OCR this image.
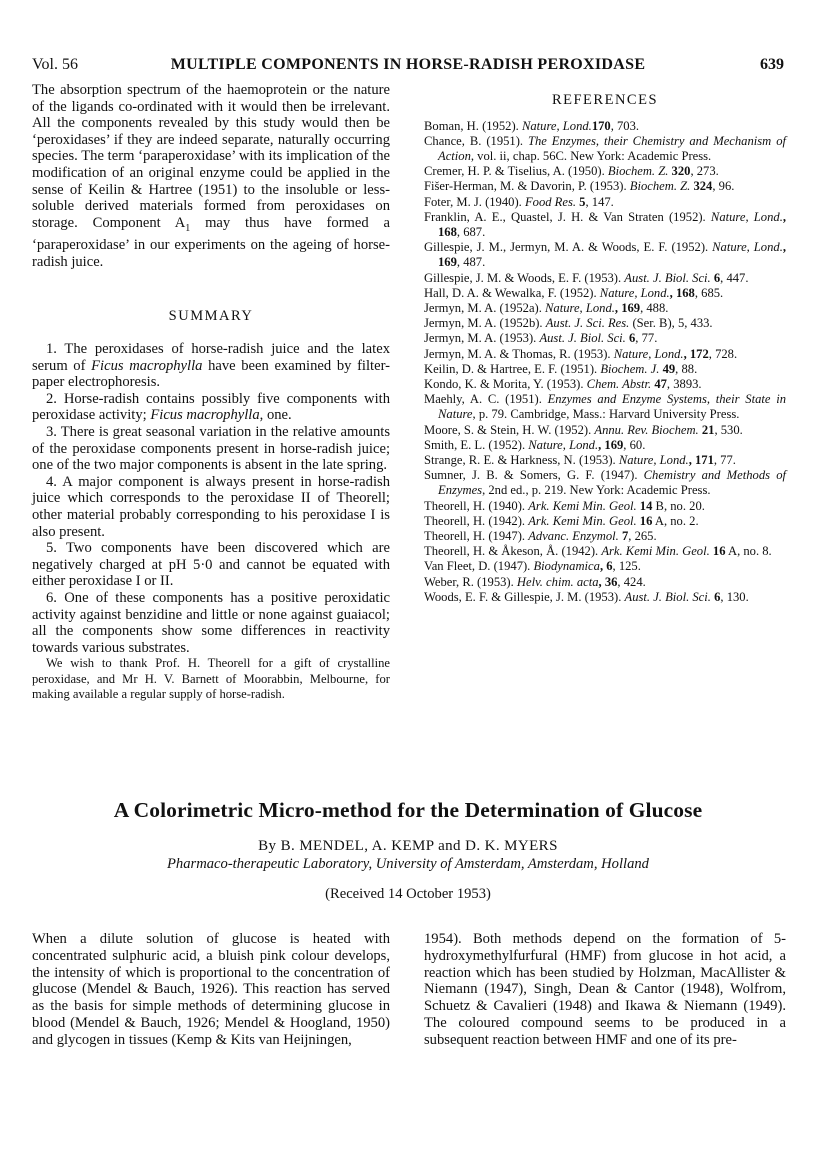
Vol. 56	MULTIPLE COMPONENTS IN HORSE-RADISH PEROXIDASE	639

The absorption spectrum of the haemoprotein or the nature of the ligands co-ordinated with it would then be irrelevant. All the components revealed by this study would then be ‘peroxidases’ if they are indeed separate, naturally occurring species. The term ‘paraperoxidase’ with its implication of the modification of an original enzyme could be applied in the sense of Keilin & Hartree (1951) to the insoluble or less-soluble derived materials formed from peroxidases on storage. Component $A_1$ may thus have formed a ‘paraperoxidase’ in our experiments on the ageing of horse-radish juice.

SUMMARY

1. The peroxidases of horse-radish juice and the latex serum of Ficus macrophylla have been examined by filter-paper electrophoresis.

2. Horse-radish contains possibly five components with peroxidase activity; Ficus macrophylla, one.

3. There is great seasonal variation in the relative amounts of the peroxidase components present in horse-radish juice; one of the two major components is absent in the late spring.

4. A major component is always present in horse-radish juice which corresponds to the peroxidase II of Theorell; other material probably corresponding to his peroxidase I is also present.

5. Two components have been discovered which are negatively charged at pH 5·0 and cannot be equated with either peroxidase I or II.

6. One of these components has a positive peroxidatic activity against benzidine and little or none against guaiacol; all the components show some differences in reactivity towards various substrates.

We wish to thank Prof. H. Theorell for a gift of crystalline peroxidase, and Mr H. V. Barnett of Moorabbin, Melbourne, for making available a regular supply of horse-radish.

REFERENCES

Boman, H. (1952). Nature, Lond.170, 703.

Chance, B. (1951). The Enzymes, their Chemistry and Mechanism of Action, vol. ii, chap. 56C. New York: Academic Press.

Cremer, H. P. & Tiselius, A. (1950). Biochem. Z. 320, 273.

Fišer-Herman, M. & Davorin, P. (1953). Biochem. Z. 324, 96.

Foter, M. J. (1940). Food Res. 5, 147.

Franklin, A. E., Quastel, J. H. & Van Straten (1952). Nature, Lond., 168, 687.

Gillespie, J. M., Jermyn, M. A. & Woods, E. F. (1952). Nature, Lond., 169, 487.

Gillespie, J. M. & Woods, E. F. (1953). Aust. J. Biol. Sci. 6, 447.

Hall, D. A. & Wewalka, F. (1952). Nature, Lond., 168, 685.

Jermyn, M. A. (1952a). Nature, Lond., 169, 488.

Jermyn, M. A. (1952b). Aust. J. Sci. Res. (Ser. B), 5, 433.

Jermyn, M. A. (1953). Aust. J. Biol. Sci. 6, 77.

Jermyn, M. A. & Thomas, R. (1953). Nature, Lond., 172, 728.

Keilin, D. & Hartree, E. F. (1951). Biochem. J. 49, 88.

Kondo, K. & Morita, Y. (1953). Chem. Abstr. 47, 3893.

Maehly, A. C. (1951). Enzymes and Enzyme Systems, their State in Nature, p. 79. Cambridge, Mass.: Harvard University Press.

Moore, S. & Stein, H. W. (1952). Annu. Rev. Biochem. 21, 530.

Smith, E. L. (1952). Nature, Lond., 169, 60.

Strange, R. E. & Harkness, N. (1953). Nature, Lond., 171, 77.

Sumner, J. B. & Somers, G. F. (1947). Chemistry and Methods of Enzymes, 2nd ed., p. 219. New York: Academic Press.

Theorell, H. (1940). Ark. Kemi Min. Geol. 14 B, no. 20.

Theorell, H. (1942). Ark. Kemi Min. Geol. 16 A, no. 2.

Theorell, H. (1947). Advanc. Enzymol. 7, 265.

Theorell, H. & Åkeson, Å. (1942). Ark. Kemi Min. Geol. 16 A, no. 8.

Van Fleet, D. (1947). Biodynamica, 6, 125.

Weber, R. (1953). Helv. chim. acta, 36, 424.

Woods, E. F. & Gillespie, J. M. (1953). Aust. J. Biol. Sci. 6, 130.

A Colorimetric Micro-method for the Determination of Glucose
By B. MENDEL, A. KEMP and D. K. MYERS
Pharmaco-therapeutic Laboratory, University of Amsterdam, Amsterdam, Holland
(Received 14 October 1953)

When a dilute solution of glucose is heated with concentrated sulphuric acid, a bluish pink colour develops, the intensity of which is proportional to the concentration of glucose (Mendel & Bauch, 1926). This reaction has served as the basis for simple methods of determining glucose in blood (Mendel & Bauch, 1926; Mendel & Hoogland, 1950) and glycogen in tissues (Kemp & Kits van Heijningen,

1954). Both methods depend on the formation of 5-hydroxymethylfurfural (HMF) from glucose in hot acid, a reaction which has been studied by Holzman, MacAllister & Niemann (1947), Singh, Dean & Cantor (1948), Wolfrom, Schuetz & Cavalieri (1948) and Ikawa & Niemann (1949). The coloured compound seems to be produced in a subsequent reaction between HMF and one of its pre-
